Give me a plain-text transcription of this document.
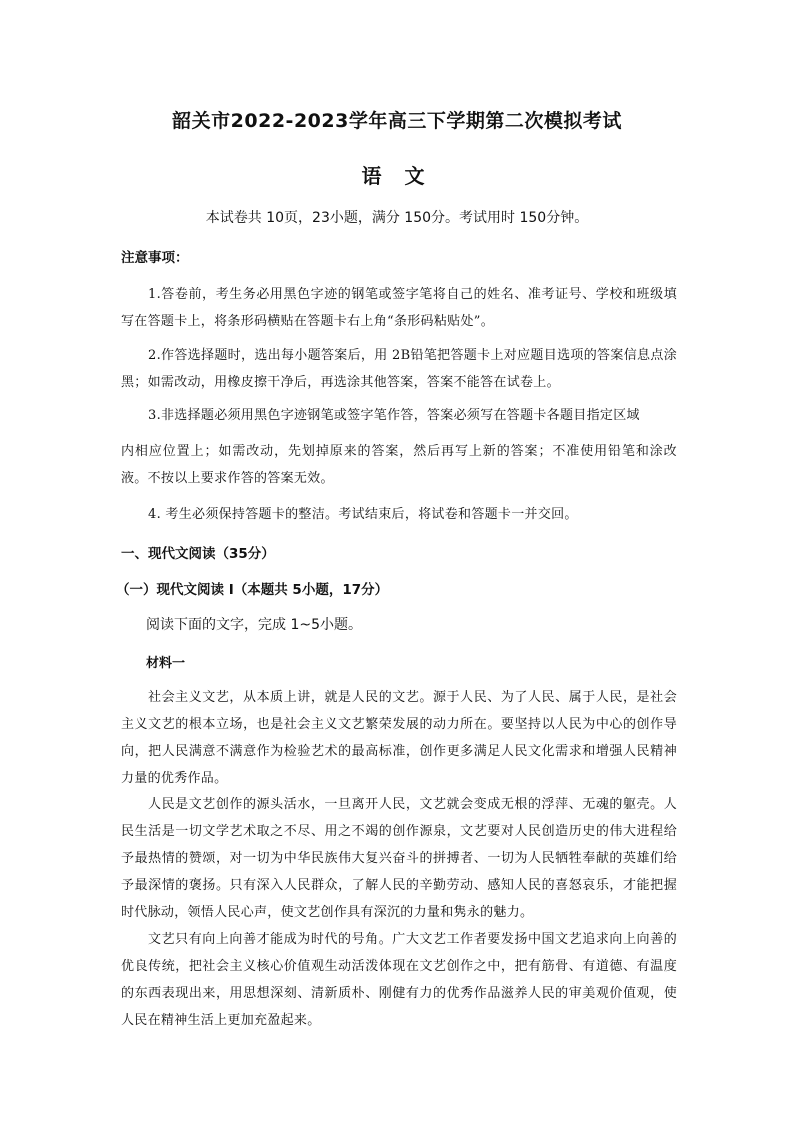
韶关市2022-2023学年高三下学期第二次模拟考试
语 文
本试卷共 10页，23小题，满分 150分。考试用时 150分钟。
注意事项：
1.答卷前，考生务必用黑色字迹的钢笔或签字笔将自己的姓名、准考证号、学校和班级填写在答题卡上，将条形码横贴在答题卡右上角“条形码粘贴处”。
2.作答选择题时，选出每小题答案后，用 2B铅笔把答题卡上对应题目选项的答案信息点涂黑；如需改动，用橡皮擦干净后，再选涂其他答案，答案不能答在试卷上。
3.非选择题必须用黑色字迹钢笔或签字笔作答，答案必须写在答题卡各题目指定区域
内相应位置上；如需改动，先划掉原来的答案，然后再写上新的答案；不准使用铅笔和涂改液。不按以上要求作答的答案无效。
4. 考生必须保持答题卡的整洁。考试结束后，将试卷和答题卡一并交回。
一、现代文阅读（35分）
（一）现代文阅读 I（本题共 5小题，17分）
阅读下面的文字，完成 1~5小题。
材料一
社会主义文艺，从本质上讲，就是人民的文艺。源于人民、为了人民、属于人民，是社会主义文艺的根本立场，也是社会主义文艺繁荣发展的动力所在。要坚持以人民为中心的创作导向，把人民满意不满意作为检验艺术的最高标准，创作更多满足人民文化需求和增强人民精神力量的优秀作品。
人民是文艺创作的源头活水，一旦离开人民，文艺就会变成无根的浮萍、无魂的躯壳。人民生活是一切文学艺术取之不尽、用之不竭的创作源泉，文艺要对人民创造历史的伟大进程给予最热情的赞颂，对一切为中华民族伟大复兴奋斗的拼搏者、一切为人民牺牲奉献的英雄们给予最深情的褒扬。只有深入人民群众，了解人民的辛勤劳动、感知人民的喜怒哀乐，才能把握时代脉动，领悟人民心声，使文艺创作具有深沉的力量和隽永的魅力。
文艺只有向上向善才能成为时代的号角。广大文艺工作者要发扬中国文艺追求向上向善的优良传统，把社会主义核心价值观生动活泼体现在文艺创作之中，把有筋骨、有道德、有温度的东西表现出来，用思想深刻、清新质朴、刚健有力的优秀作品滋养人民的审美观价值观，使人民在精神生活上更加充盈起来。
